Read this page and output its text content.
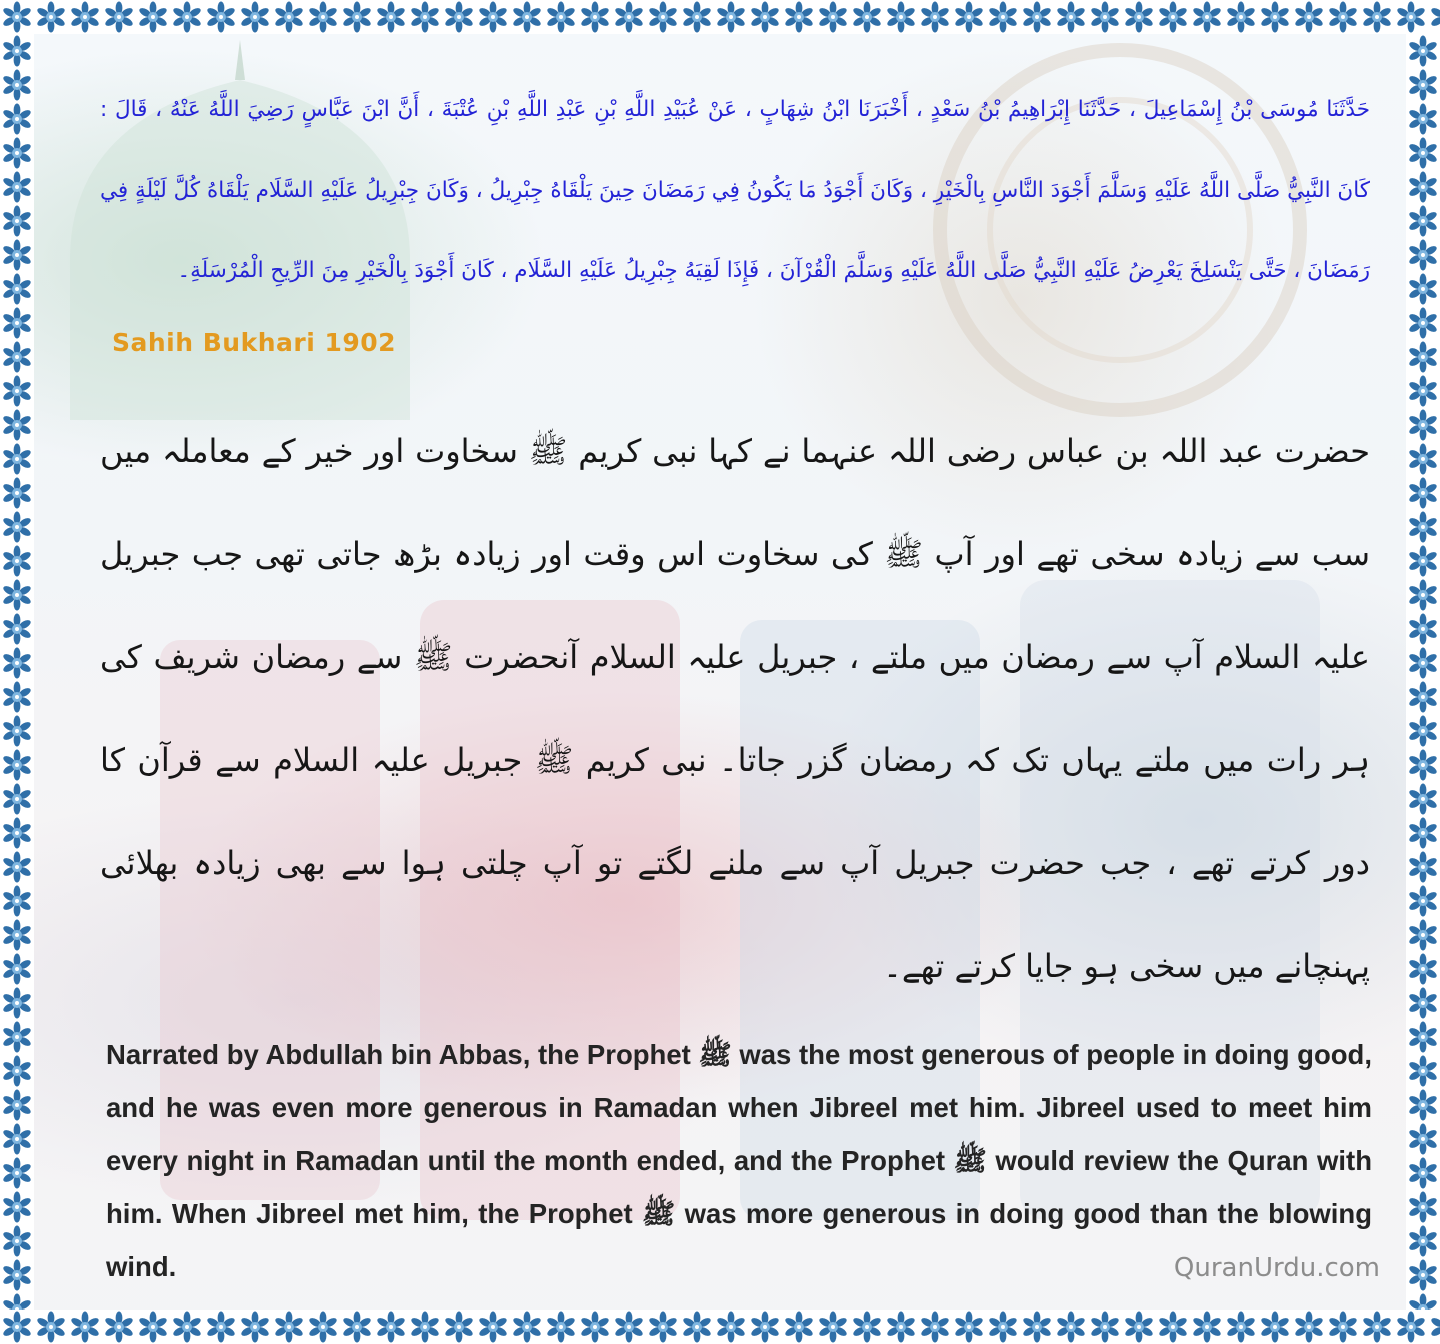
حَدَّثَنَا مُوسَى بْنُ إِسْمَاعِيلَ ، حَدَّثَنَا إِبْرَاهِيمُ بْنُ سَعْدٍ ، أَخْبَرَنَا ابْنُ شِهَابٍ ، عَنْ عُبَيْدِ اللَّهِ بْنِ عَبْدِ اللَّهِ بْنِ عُتْبَةَ ، أَنَّ ابْنَ عَبَّاسٍ رَضِيَ اللَّهُ عَنْهُ ، قَالَ : كَانَ النَّبِيُّ صَلَّى اللَّهُ عَلَيْهِ وَسَلَّمَ أَجْوَدَ النَّاسِ بِالْخَيْرِ ، وَكَانَ أَجْوَدُ مَا يَكُونُ فِي رَمَضَانَ حِينَ يَلْقَاهُ جِبْرِيلُ ، وَكَانَ جِبْرِيلُ عَلَيْهِ السَّلَام يَلْقَاهُ كُلَّ لَيْلَةٍ فِي رَمَضَانَ ، حَتَّى يَنْسَلِخَ يَعْرِضُ عَلَيْهِ النَّبِيُّ صَلَّى اللَّهُ عَلَيْهِ وَسَلَّمَ الْقُرْآنَ ، فَإِذَا لَقِيَهُ جِبْرِيلُ عَلَيْهِ السَّلَام ، كَانَ أَجْوَدَ بِالْخَيْرِ مِنَ الرِّيحِ الْمُرْسَلَةِ۔
Sahih Bukhari 1902
حضرت عبد اللہ بن عباس رضی اللہ عنہما نے کہا نبی کریم ﷺ سخاوت اور خیر کے معاملہ میں سب سے زیادہ سخی تھے اور آپ ﷺ کی سخاوت اس وقت اور زیادہ بڑھ جاتی تھی جب جبریل علیہ السلام آپ سے رمضان میں ملتے ، جبریل علیہ السلام آنحضرت ﷺ سے رمضان شریف کی ہر رات میں ملتے یہاں تک کہ رمضان گزر جاتا۔ نبی کریم ﷺ جبریل علیہ السلام سے قرآن کا دور کرتے تھے ، جب حضرت جبریل آپ سے ملنے لگتے تو آپ چلتی ہوا سے بھی زیادہ بھلائی پہنچانے میں سخی ہو جایا کرتے تھے۔
Narrated by Abdullah bin Abbas, the Prophet ﷺ was the most generous of people in doing good, and he was even more generous in Ramadan when Jibreel met him. Jibreel used to meet him every night in Ramadan until the month ended, and the Prophet ﷺ would review the Quran with him. When Jibreel met him, the Prophet ﷺ was more generous in doing good than the blowing wind.	QuranUrdu.com
